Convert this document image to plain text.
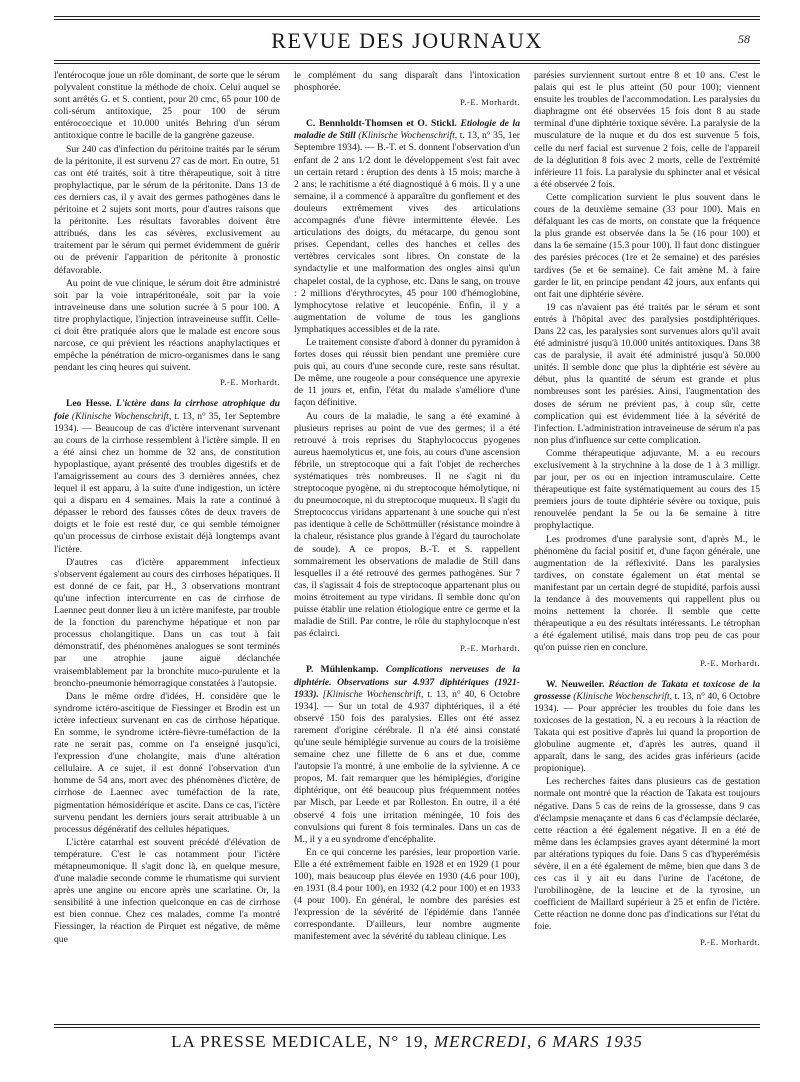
REVUE DES JOURNAUX	58

l'entérocoque joue un rôle dominant, de sorte que le sérum polyvalent constitue la méthode de choix. Celui auquel se sont arrêtés G. et S. contient, pour 20 cmc, 65 pour 100 de coli-sérum antitoxique, 25 pour 100 de sérum entérococcique et 10.000 unités Behring d'un sérum antitoxique contre le bacille de la gangrène gazeuse.

Sur 240 cas d'infection du péritoine traités par le sérum de la péritonite, il est survenu 27 cas de mort. En outre, 51 cas ont été traités, soit à titre thérapeutique, soit à titre prophylactique, par le sérum de la péritonite. Dans 13 de ces derniers cas, il y avait des germes pathogènes dans le péritoine et 2 sujets sont morts, pour d'autres raisons que la péritonite. Les résultats favorables doivent être attribués, dans les cas sévères, exclusivement au traitement par le sérum qui permet évidemment de guérir ou de prévenir l'apparition de péritonite à pronostic défavorable.

Au point de vue clinique, le sérum doit être administré soit par la voie intrapéritonéale, soit par la voie intraveineuse dans une solution sucrée à 5 pour 100. A titre prophylactique, l'injection intraveineuse suffit. Celle-ci doit être pratiquée alors que le malade est encore sous narcose, ce qui prévient les réactions anaphylactiques et empêche la pénétration de micro-organismes dans le sang pendant les cinq heures qui suivent.

P.-E. Morhardt.

Leo Hesse. L'ictère dans la cirrhose atrophique du foie (Klinische Wochenschrift, t. 13, n° 35, 1er Septembre 1934). — Beaucoup de cas d'ictère intervenant survenant au cours de la cirrhose ressemblent à l'ictère simple. Il en a été ainsi chez un homme de 32 ans, de constitution hypoplastique, ayant présenté des troubles digestifs et de l'amaigrissement au cours des 3 dernières années, chez lequel il est apparu, à la suite d'une indigestion, un ictère qui a disparu en 4 semaines. Mais la rate a continué à dépasser le rebord des fausses côtes de deux travers de doigts et le foie est resté dur, ce qui semble témoigner qu'un processus de cirrhose existait déjà longtemps avant l'ictère.

D'autres cas d'ictère apparemment infectieux s'observent également au cours des cirrhoses hépatiques. Il est donné de ce fait, par H., 3 observations montrant qu'une infection intercurrente en cas de cirrhose de Laennec peut donner lieu à un ictère manifeste, par trouble de la fonction du parenchyme hépatique et non par processus cholangitique. Dans un cas tout à fait démonstratif, des phénomènes analogues se sont terminés par une atrophie jaune aiguë déclanchée vraisemblablement par la bronchite muco-purulente et la broncho-pneumonie hémorragique constatées à l'autopsie.

Dans le même ordre d'idées, H. considère que le syndrome ictéro-ascitique de Fiessinger et Brodin est un ictère infectieux survenant en cas de cirrhose hépatique. En somme, le syndrome ictère-fièvre-tuméfaction de la rate ne serait pas, comme on l'a enseigné jusqu'ici, l'expression d'une cholangite, mais d'une altération cellulaire. A ce sujet, il est donné l'observation d'un homme de 54 ans, mort avec des phénomènes d'ictère, de cirrhose de Laennec avec tuméfaction de la rate, pigmentation hémosidérique et ascite. Dans ce cas, l'ictère survenu pendant les derniers jours serait attribuable à un processus dégénératif des cellules hépatiques.

L'ictère catarrhal est souvent précédé d'élévation de température. C'est le cas notamment pour l'ictère métapneumonique. Il s'agit donc là, en quelque mesure, d'une maladie seconde comme le rhumatisme qui survient après une angine ou encore après une scarlatine. Or, la sensibilité à une infection quelconque en cas de cirrhose est bien connue. Chez ces malades, comme l'a montré Fiessinger, la réaction de Pirquet est négative, de même que

le complément du sang disparaît dans l'intoxication phosphorée.

P.-E. Morhardt.

C. Bennholdt-Thomsen et O. Stickl. Etiologie de la maladie de Still (Klinische Wochenschrift, t. 13, n° 35, 1er Septembre 1934). — B.-T. et S. donnent l'observation d'un enfant de 2 ans 1/2 dont le développement s'est fait avec un certain retard : éruption des dents à 15 mois; marche à 2 ans; le rachitisme a été diagnostiqué à 6 mois. Il y a une semaine, il a commencé à apparaître du gonflement et des douleurs extrêmement vives des articulations accompagnés d'une fièvre intermittente élevée. Les articulations des doigts, du métacarpe, du genou sont prises. Cependant, celles des hanches et celles des vertèbres cervicales sont libres. On constate de la syndactylie et une malformation des ongles ainsi qu'un chapelet costal, de la cyphose, etc. Dans le sang, on trouve : 2 millions d'érythrocytes, 45 pour 100 d'hémoglobine, lymphocytose relative et leucopénie. Enfin, il y a augmentation de volume de tous les ganglions lymphatiques accessibles et de la rate.

Le traitement consiste d'abord à donner du pyramidon à fortes doses qui réussit bien pendant une première cure puis qui, au cours d'une seconde cure, reste sans résultat. De même, une rougeole a pour conséquence une apyrexie de 11 jours et, enfin, l'état du malade s'améliore d'une façon définitive.

Au cours de la maladie, le sang a été examiné à plusieurs reprises au point de vue des germes; il a été retrouvé à trois reprises du Staphylococcus pyogenes aureus haemolyticus et, une fois, au cours d'une ascension fébrile, un streptocoque qui a fait l'objet de recherches systématiques très nombreuses. Il ne s'agit ni du streptocoque pyogène, ni du streptocoque hémolytique, ni du pneumocoque, ni du streptocoque muqueux. Il s'agit du Streptococcus viridans appartenant à une souche qui n'est pas identique à celle de Schöttmüller (résistance moindre à la chaleur, résistance plus grande à l'égard du taurocholate de soude). A ce propos, B.-T. et S. rappellent sommairement les observations de maladie de Still dans lesquelles il a été retrouvé des germes pathogènes. Sur 7 cas, il s'agissait 4 fois de streptocoque appartenant plus ou moins étroitement au type viridans. Il semble donc qu'on puisse établir une relation étiologique entre ce germe et la maladie de Still. Par contre, le rôle du staphylocoque n'est pas éclairci.

P.-E. Morhardt.

P. Mühlenkamp. Complications nerveuses de la diphtérie. Observations sur 4.937 diphtériques (1921-1933). [Klinische Wochenschrift, t. 13, n° 40, 6 Octobre 1934]. — Sur un total de 4.937 diphtériques, il a été observé 150 fois des paralysies. Elles ont été assez rarement d'origine cérébrale. Il n'a été ainsi constaté qu'une seule hémiplégie survenue au cours de la troisième semaine chez une fillette de 6 ans et due, comme l'autopsie l'a montré, à une embolie de la sylvienne. A ce propos, M. fait remarquer que les hémiplégies, d'origine diphtérique, ont été beaucoup plus fréquemment notées par Misch, par Leede et par Rolleston. En outre, il a été observé 4 fois une irritation méningée, 10 fois des convulsions qui furent 8 fois terminales. Dans un cas de M., il y a eu syndrome d'encéphalite.

En ce qui concerne les parésies, leur proportion varie. Elle a été extrêmement faible en 1928 et en 1929 (1 pour 100), mais beaucoup plus élevée en 1930 (4.6 pour 100), en 1931 (8.4 pour 100), en 1932 (4.2 pour 100) et en 1933 (4 pour 100). En général, le nombre des parésies est l'expression de la sévérité de l'épidémie dans l'année correspondante. D'ailleurs, leur nombre augmente manifestement avec la sévérité du tableau clinique. Les

parésies surviennent surtout entre 8 et 10 ans. C'est le palais qui est le plus atteint (50 pour 100); viennent ensuite les troubles de l'accommodation. Les paralysies du diaphragme ont été observées 15 fois dont 8 au stade terminal d'une diphtérie toxique sévère. La paralysie de la musculature de la nuque et du dos est survenue 5 fois, celle du nerf facial est survenue 2 fois, celle de l'appareil de la déglutition 8 fois avec 2 morts, celle de l'extrémité inférieure 11 fois. La paralysie du sphincter anal et vésical a été observée 2 fois.

Cette complication survient le plus souvent dans le cours de la deuxième semaine (33 pour 100). Mais en défalquant les cas de morts, on constate que la fréquence la plus grande est observée dans la 5e (16 pour 100) et dans la 6e semaine (15.3 pour 100). Il faut donc distinguer des parésies précoces (1re et 2e semaine) et des parésies tardives (5e et 6e semaine). Ce fait amène M. à faire garder le lit, en principe pendant 42 jours, aux enfants qui ont fait une diphtérie sévère.

19 cas n'avaient pas été traités par le sérum et sont entrés à l'hôpital avec des paralysies postdiphtériques. Dans 22 cas, les paralysies sont survenues alors qu'il avait été administré jusqu'à 10.000 unités antitoxiques. Dans 38 cas de paralysie, il avait été administré jusqu'à 50.000 unités. Il semble donc que plus la diphtérie est sévère au début, plus la quantité de sérum est grande et plus nombreuses sont les parésies. Ainsi, l'augmentation des doses de sérum ne prévient pas, à coup sûr, cette complication qui est évidemment liée à la sévérité de l'infection. L'administration intraveineuse de sérum n'a pas non plus d'influence sur cette complication.

Comme thérapeutique adjuvante, M. a eu recours exclusivement à la strychnine à la dose de 1 à 3 milligr. par jour, per os ou en injection intramusculaire. Cette thérapeutique est faite systématiquement au cours des 15 premiers jours de toute diphtérie sévère ou toxique, puis renouvelée pendant la 5e ou la 6e semaine à titre prophylactique.

Les prodromes d'une paralysie sont, d'après M., le phénomène du facial positif et, d'une façon générale, une augmentation de la réflexivité. Dans les paralysies tardives, on constate également un état mental se manifestant par un certain degré de stupidité, parfois aussi la tendance à des mouvements qui rappellent plus ou moins nettement la chorée. Il semble que cette thérapeutique a eu des résultats intéressants. Le tétrophan a été également utilisé, mais dans trop peu de cas pour qu'on puisse rien en conclure.

P.-E. Morhardt.

W. Neuweiler. Réaction de Takata et toxicose de la grossesse (Klinische Wochenschrift, t. 13, n° 40, 6 Octobre 1934). — Pour apprécier les troubles du foie dans les toxicoses de la gestation, N. a eu recours à la réaction de Takata qui est positive d'après lui quand la proportion de globuline augmente et, d'après les autres, quand il apparaît, dans le sang, des acides gras inférieurs (acide propionique).

Les recherches faites dans plusieurs cas de gestation normale ont montré que la réaction de Takata est toujours négative. Dans 5 cas de reins de la grossesse, dans 9 cas d'éclampsie menaçante et dans 6 cas d'éclampsie déclarée, cette réaction a été également négative. Il en a été de même dans les éclampsies graves ayant déterminé la mort par altérations typiques du foie. Dans 5 cas d'hyperémésis sévère, il en a été également de même, bien que dans 3 de ces cas il y ait eu dans l'urine de l'acétone, de l'urobilinogène, de la leucine et de la tyrosine, un coefficient de Maillard supérieur à 25 et enfin de l'ictère. Cette réaction ne donne donc pas d'indications sur l'état du foie.

P.-E. Morhardt.
LA PRESSE MEDICALE, N° 19, MERCREDI, 6 MARS 1935
